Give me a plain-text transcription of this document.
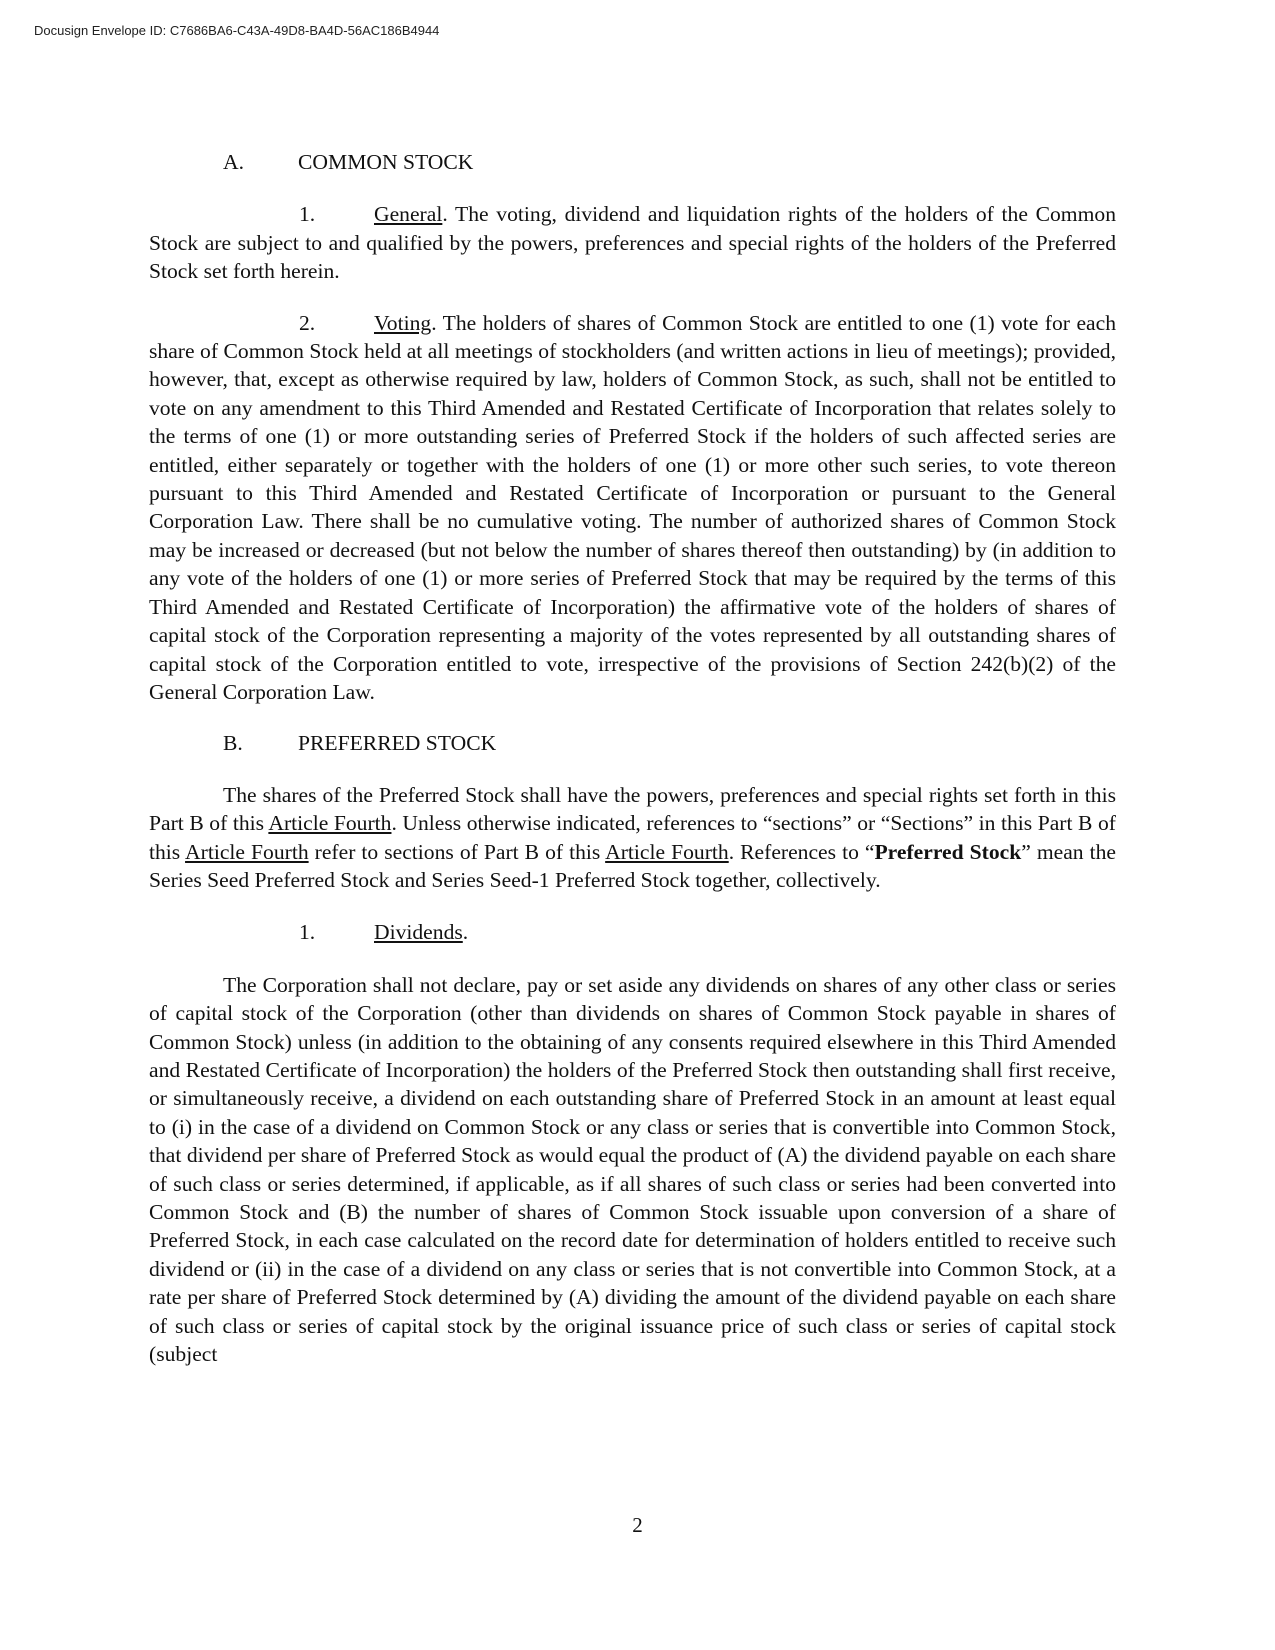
Docusign Envelope ID: C7686BA6-C43A-49D8-BA4D-56AC186B4944

A.	COMMON STOCK

1.	General. The voting, dividend and liquidation rights of the holders of the Common Stock are subject to and qualified by the powers, preferences and special rights of the holders of the Preferred Stock set forth herein.

2.	Voting. The holders of shares of Common Stock are entitled to one (1) vote for each share of Common Stock held at all meetings of stockholders (and written actions in lieu of meetings); provided, however, that, except as otherwise required by law, holders of Common Stock, as such, shall not be entitled to vote on any amendment to this Third Amended and Restated Certificate of Incorporation that relates solely to the terms of one (1) or more outstanding series of Preferred Stock if the holders of such affected series are entitled, either separately or together with the holders of one (1) or more other such series, to vote thereon pursuant to this Third Amended and Restated Certificate of Incorporation or pursuant to the General Corporation Law. There shall be no cumulative voting. The number of authorized shares of Common Stock may be increased or decreased (but not below the number of shares thereof then outstanding) by (in addition to any vote of the holders of one (1) or more series of Preferred Stock that may be required by the terms of this Third Amended and Restated Certificate of Incorporation) the affirmative vote of the holders of shares of capital stock of the Corporation representing a majority of the votes represented by all outstanding shares of capital stock of the Corporation entitled to vote, irrespective of the provisions of Section 242(b)(2) of the General Corporation Law.

B.	PREFERRED STOCK

The shares of the Preferred Stock shall have the powers, preferences and special rights set forth in this Part B of this Article Fourth. Unless otherwise indicated, references to “sections” or “Sections” in this Part B of this Article Fourth refer to sections of Part B of this Article Fourth. References to “Preferred Stock” mean the Series Seed Preferred Stock and Series Seed-1 Preferred Stock together, collectively.

1.	Dividends.

The Corporation shall not declare, pay or set aside any dividends on shares of any other class or series of capital stock of the Corporation (other than dividends on shares of Common Stock payable in shares of Common Stock) unless (in addition to the obtaining of any consents required elsewhere in this Third Amended and Restated Certificate of Incorporation) the holders of the Preferred Stock then outstanding shall first receive, or simultaneously receive, a dividend on each outstanding share of Preferred Stock in an amount at least equal to (i) in the case of a dividend on Common Stock or any class or series that is convertible into Common Stock, that dividend per share of Preferred Stock as would equal the product of (A) the dividend payable on each share of such class or series determined, if applicable, as if all shares of such class or series had been converted into Common Stock and (B) the number of shares of Common Stock issuable upon conversion of a share of Preferred Stock, in each case calculated on the record date for determination of holders entitled to receive such dividend or (ii) in the case of a dividend on any class or series that is not convertible into Common Stock, at a rate per share of Preferred Stock determined by (A) dividing the amount of the dividend payable on each share of such class or series of capital stock by the original issuance price of such class or series of capital stock (subject

2
